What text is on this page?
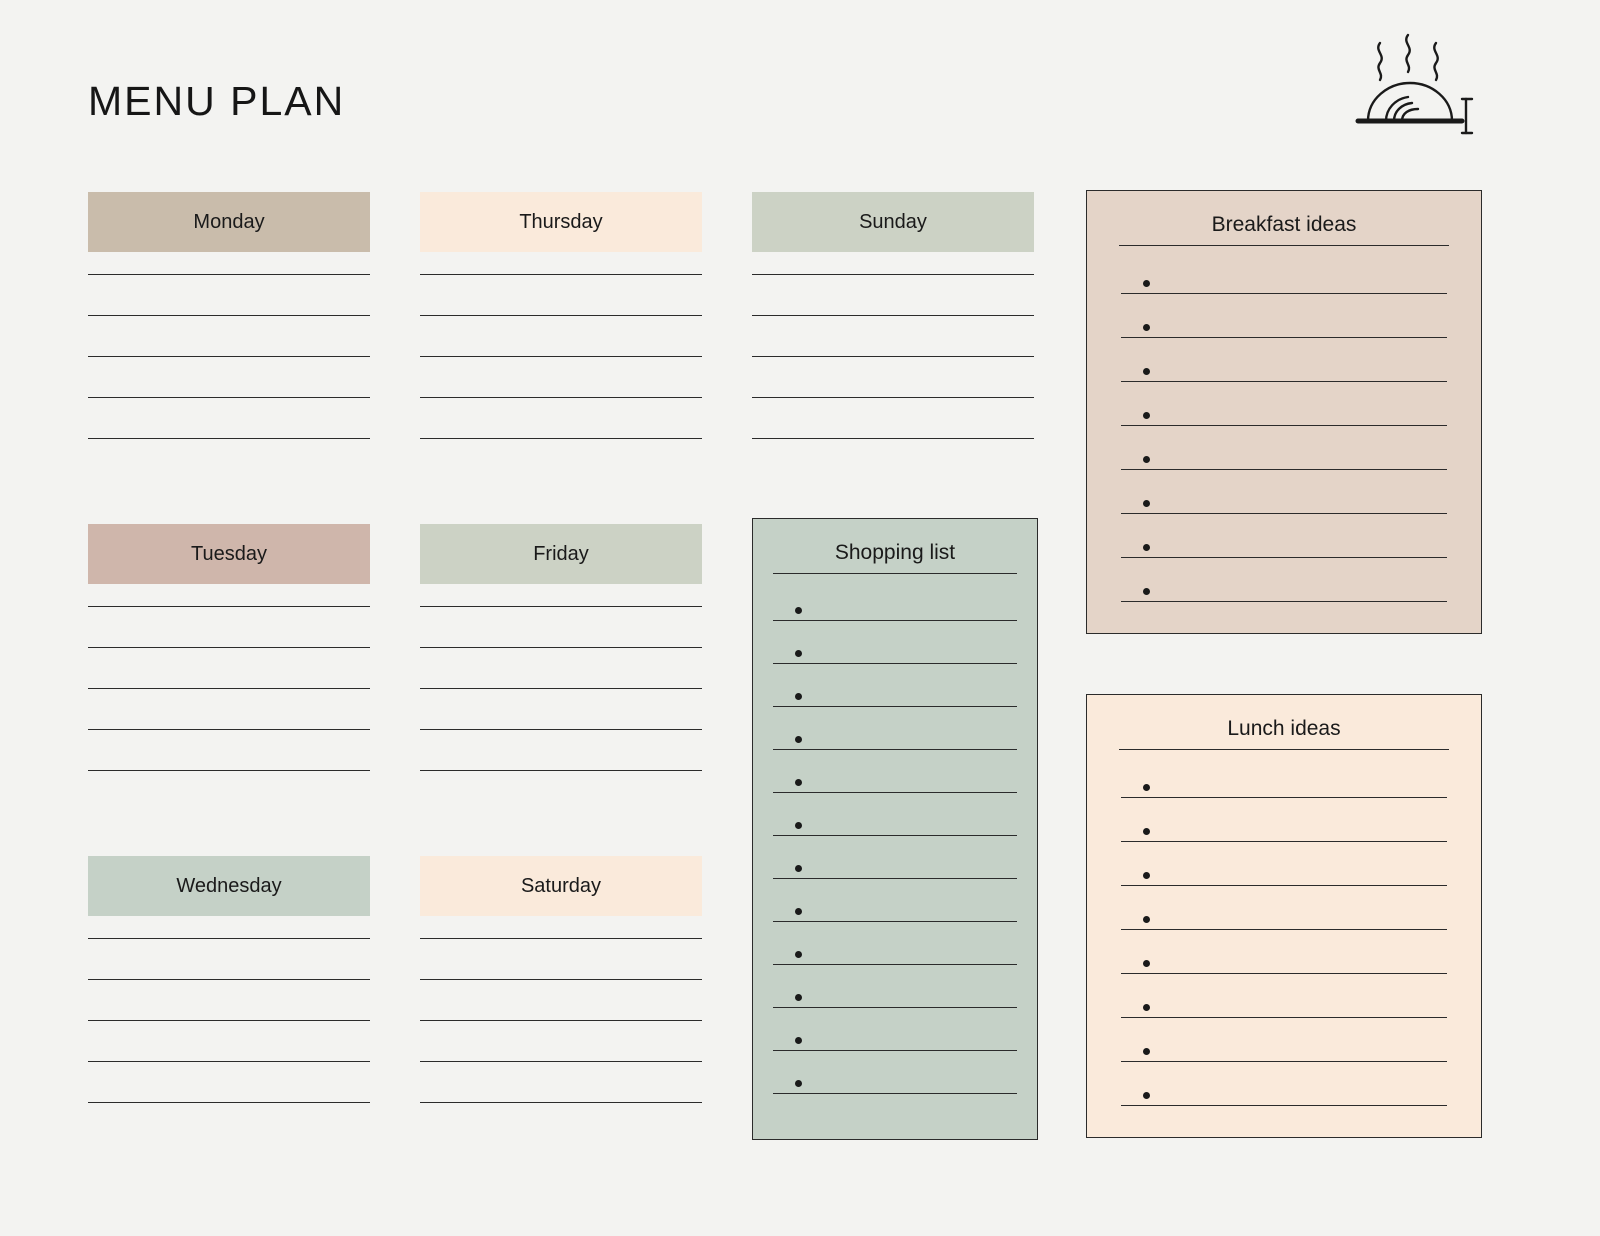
MENU PLAN
Monday
Tuesday
Wednesday
Thursday
Friday
Saturday
Sunday
Shopping list
Breakfast ideas
Lunch ideas
